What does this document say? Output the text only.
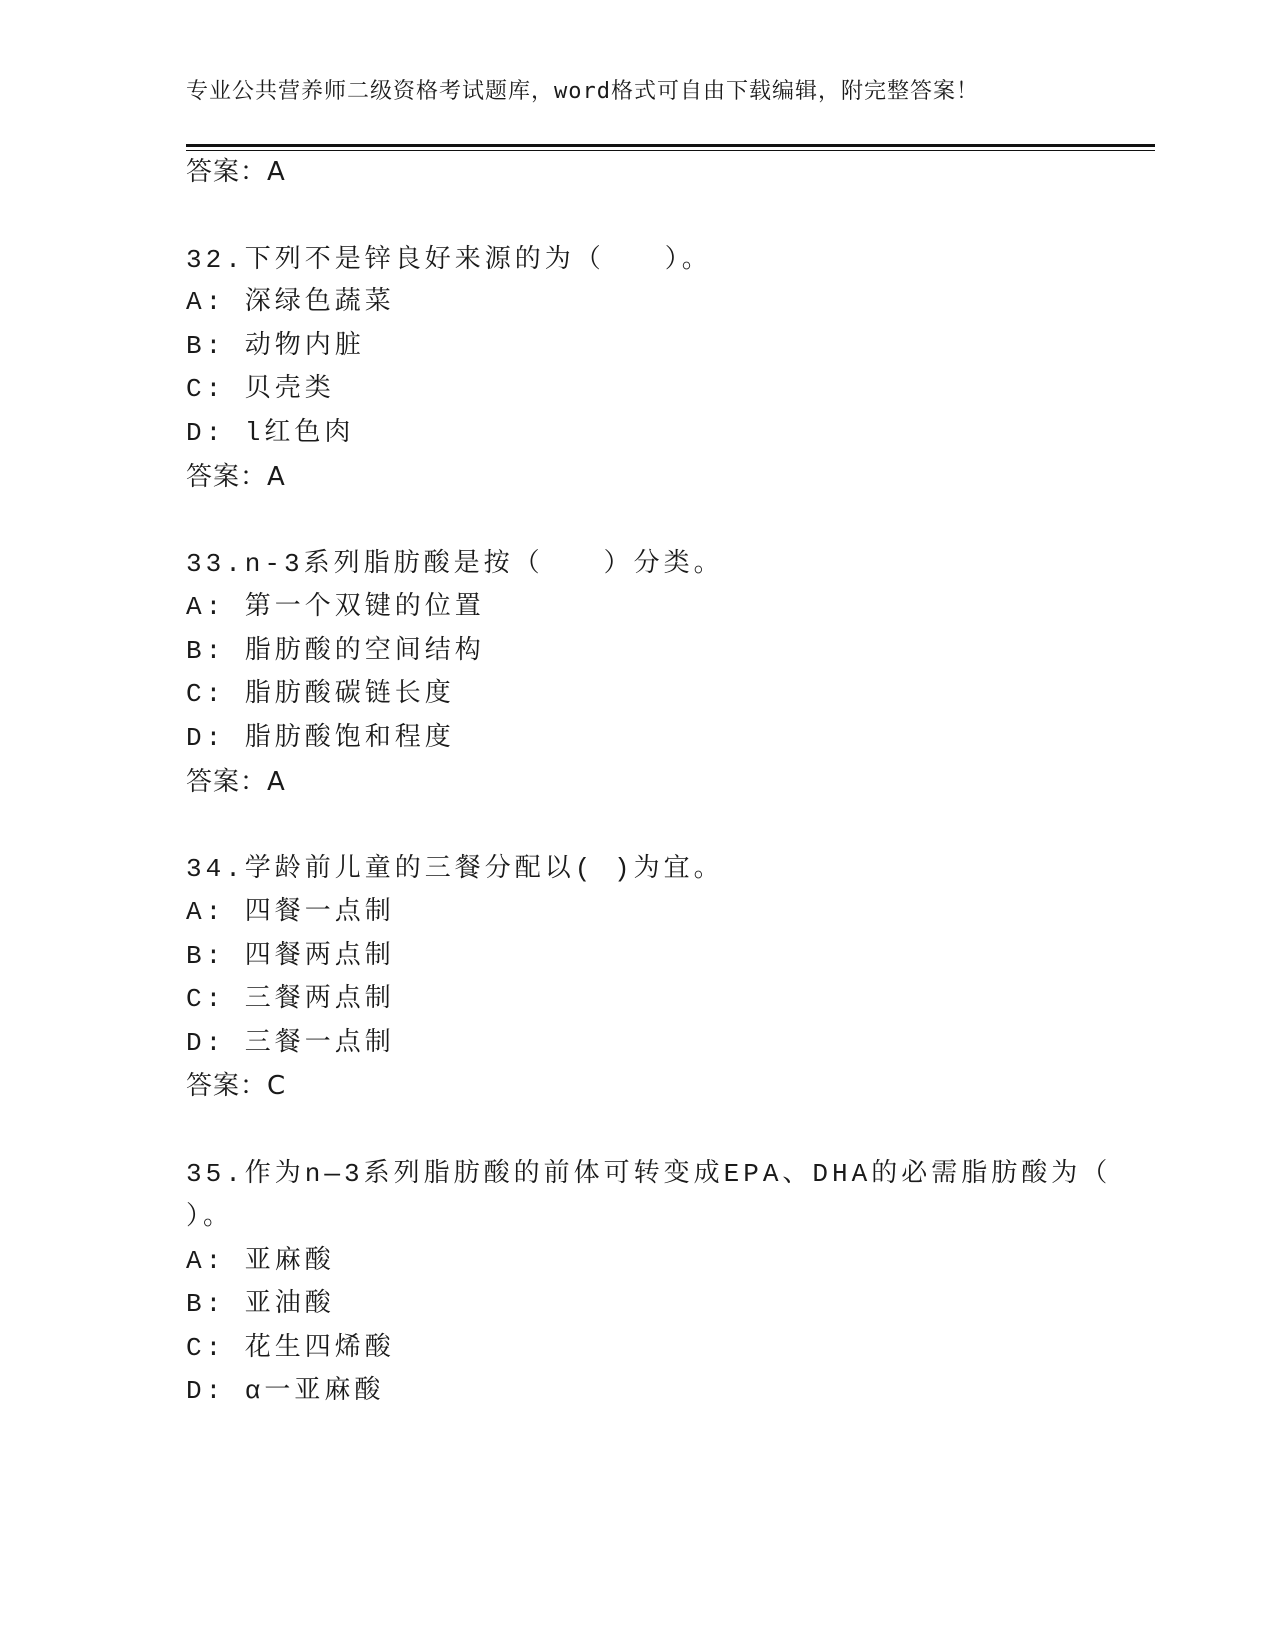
专业公共营养师二级资格考试题库，word格式可自由下载编辑，附完整答案！
答案：A
32.下列不是锌良好来源的为（　　）。
A: 深绿色蔬菜
B: 动物内脏
C: 贝壳类
D: l红色肉
答案：A
33.n-3系列脂肪酸是按（　　）分类。
A: 第一个双键的位置
B: 脂肪酸的空间结构
C: 脂肪酸碳链长度
D: 脂肪酸饱和程度
答案：A
34.学龄前儿童的三餐分配以( )为宜。
A: 四餐一点制
B: 四餐两点制
C: 三餐两点制
D: 三餐一点制
答案：C
35.作为n—3系列脂肪酸的前体可转变成EPA、DHA的必需脂肪酸为（
）。
A: 亚麻酸
B: 亚油酸
C: 花生四烯酸
D: α一亚麻酸
